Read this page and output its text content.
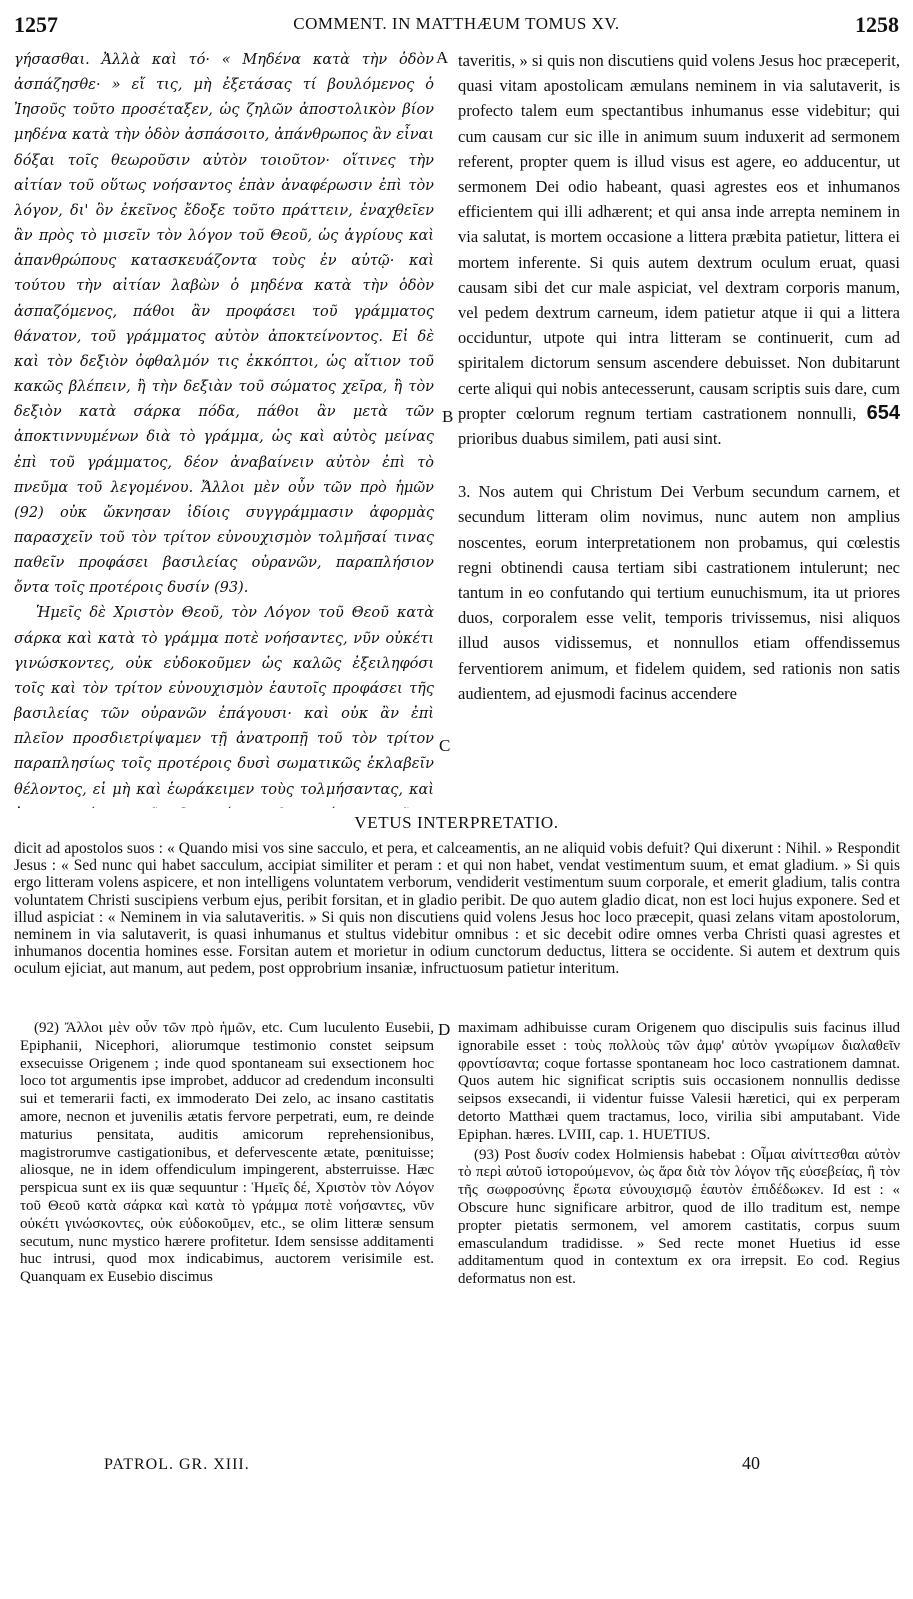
1257	COMMENT. IN MATTHÆUM TOMUS XV.	1258

γήσασθαι. Ἀλλὰ καὶ τό· « Μηδένα κατὰ τὴν ὁδὸν ἀσπάζησθε· » εἴ τις, μὴ ἐξετάσας τί βουλόμενος ὁ Ἰησοῦς τοῦτο προσέταξεν, ὡς ζηλῶν ἀποστολικὸν βίον μηδένα κατὰ τὴν ὁδὸν ἀσπάσοιτο, ἀπάνθρωπος ἂν εἶναι δόξαι τοῖς θεωροῦσιν αὐτὸν τοιοῦτον· οἵτινες τὴν αἰτίαν τοῦ οὕτως νοήσαντος ἐπὰν ἀναφέρωσιν ἐπὶ τὸν λόγον, δι' ὃν ἐκεῖνος ἔδοξε τοῦτο πράττειν, ἐναχθεῖεν ἂν πρὸς τὸ μισεῖν τὸν λόγον τοῦ Θεοῦ, ὡς ἀγρίους καὶ ἀπανθρώπους κατασκευάζοντα τοὺς ἐν αὐτῷ· καὶ τούτου τὴν αἰτίαν λαβὼν ὁ μηδένα κατὰ τὴν ὁδὸν ἀσπαζόμενος, πάθοι ἂν προφάσει τοῦ γράμματος θάνατον, τοῦ γράμματος αὐτὸν ἀποκτείνοντος. Εἰ δὲ καὶ τὸν δεξιὸν ὀφθαλμόν τις ἐκκόπτοι, ὡς αἴτιον τοῦ κακῶς βλέπειν, ἢ τὴν δεξιὰν τοῦ σώματος χεῖρα, ἢ τὸν δεξιὸν κατὰ σάρκα πόδα, πάθοι ἂν μετὰ τῶν ἀποκτιννυμένων διὰ τὸ γράμμα, ὡς καὶ αὐτὸς μείνας ἐπὶ τοῦ γράμματος, δέον ἀναβαίνειν αὐτὸν ἐπὶ τὸ πνεῦμα τοῦ λεγομένου. Ἄλλοι μὲν οὖν τῶν πρὸ ἡμῶν (92) οὐκ ὤκνησαν ἰδίοις συγγράμμασιν ἀφορμὰς παρασχεῖν τοῦ τὸν τρίτον εὐνουχισμὸν τολμῆσαί τινας παθεῖν προφάσει βασιλείας οὐρανῶν, παραπλήσιον ὄντα τοῖς προτέροις δυσίν (93).

Ἡμεῖς δὲ Χριστὸν Θεοῦ, τὸν Λόγον τοῦ Θεοῦ κατὰ σάρκα καὶ κατὰ τὸ γράμμα ποτὲ νοήσαντες, νῦν οὐκέτι γινώσκοντες, οὐκ εὐδοκοῦμεν ὡς καλῶς ἐξειληφόσι τοῖς καὶ τὸν τρίτον εὐνουχισμὸν ἑαυτοῖς προφάσει τῆς βασιλείας τῶν οὐρανῶν ἐπάγουσι· καὶ οὐκ ἂν ἐπὶ πλεῖον προσδιετρίψαμεν τῇ ἀνατροπῇ τοῦ τὸν τρίτον παραπλησίως τοῖς προτέροις δυσὶ σωματικῶς ἐκλαβεῖν θέλοντος, εἰ μὴ καὶ ἑωράκειμεν τοὺς τολμήσαντας, καὶ

A
B
C

taveritis, » si quis non discutiens quid volens Jesus hoc præceperit, quasi vitam apostolicam æmulans neminem in via salutaverit, is profecto talem eum spectantibus inhumanus esse videbitur; qui cum causam cur sic ille in animum suum induxerit ad sermonem referent, propter quem is illud visus est agere, eo adducentur, ut sermonem Dei odio habeant, quasi agrestes eos et inhumanos efficientem qui illi adhærent; et qui ansa inde arrepta neminem in via salutat, is mortem occasione a littera præbita patietur, littera ei mortem inferente. Si quis autem dextrum oculum eruat, quasi causam sibi det cur male aspiciat, vel dextram corporis manum, vel pedem dextrum carneum, idem patietur atque ii qui a littera occiduntur, utpote qui intra litteram se continuerit, cum ad spiritalem dictorum sensum ascendere debuisset. Non dubitarunt certe aliqui qui nobis antecesserunt, causam scriptis suis dare, cum propter cœlorum regnum tertiam castrationem nonnulli, 654 prioribus duabus similem, pati ausi sint.

3. Nos autem qui Christum Dei Verbum secundum carnem, et secundum litteram olim novimus, nunc autem non amplius noscentes, eorum interpretationem non probamus, qui cœlestis regni obtinendi causa tertiam sibi castrationem intulerunt; nec tantum in eo confutando qui tertium eunuchismum, ita ut priores duos, corporalem esse velit, temporis trivissemus, nisi aliquos illud ausos vidissemus, et nonnullos etiam offendissemus ferventiorem animum, et fidelem quidem, sed rationis non satis audientem, ad ejusmodi facinus accendere

VETUS INTERPRETATIO.
dicit ad apostolos suos : « Quando misi vos sine sacculo, et pera, et calceamentis, an ne aliquid vobis defuit? Qui dixerunt : Nihil. » Respondit Jesus : « Sed nunc qui habet sacculum, accipiat similiter et peram : et qui non habet, vendat vestimentum suum, et emat gladium. » Si quis ergo litteram volens aspicere, et non intelligens voluntatem verborum, vendiderit vestimentum suum corporale, et emerit gladium, talis contra voluntatem Christi suscipiens verbum ejus, peribit forsitan, et in gladio peribit. De quo autem gladio dicat, non est loci hujus exponere. Sed et illud aspiciat : « Neminem in via salutaveritis. » Si quis non discutiens quid volens Jesus hoc loco præcepit, quasi zelans vitam apostolorum, neminem in via salutaverit, is quasi inhumanus et stultus videbitur omnibus : et sic decebit odire omnes verba Christi quasi agrestes et inhumanos docentia homines esse. Forsitan autem et morietur in odium cunctorum deductus, littera se occidente. Si autem et dextrum quis oculum ejiciat, aut manum, aut pedem, post opprobrium insaniæ, infructuosum patietur interitum.
D

(92) Ἄλλοι μὲν οὖν τῶν πρὸ ἡμῶν, etc. Cum luculento Eusebii, Epiphanii, Nicephori, aliorumque testimonio constet seipsum exsecuisse Origenem ; inde quod spontaneam sui exsectionem hoc loco tot argumentis ipse improbet, adducor ad credendum inconsulti sui et temerarii facti, ex immoderato Dei zelo, ac insano castitatis amore, necnon et juvenilis ætatis fervore perpetrati, eum, re deinde maturius pensitata, auditis amicorum reprehensionibus, magistrorumve castigationibus, et defervescente ætate, pœnituisse; aliosque, ne in idem offendiculum impingerent, absterruisse. Hæc perspicua sunt ex iis quæ sequuntur : Ἡμεῖς δέ, Χριστὸν τὸν Λόγον τοῦ Θεοῦ κατὰ σάρκα καὶ κατὰ τὸ γράμμα ποτὲ νοήσαντες, νῦν οὐκέτι γινώσκοντες, οὐκ εὐδοκοῦμεν, etc., se olim litteræ sensum secutum, nunc mystico hærere profitetur. Idem sensisse additamenti huc intrusi, quod mox indicabimus, auctorem verisimile est. Quanquam ex Eusebio discimus

maximam adhibuisse curam Origenem quo discipulis suis facinus illud ignorabile esset : τοὺς πολλοὺς τῶν ἀμφ' αὐτὸν γνωρίμων διαλαθεῖν φροντίσαντα; coque fortasse spontaneam hoc loco castrationem damnat. Quos autem hic significat scriptis suis occasionem nonnullis dedisse seipsos exsecandi, ii videntur fuisse Valesii hæretici, qui ex perperam detorto Matthæi quem tractamus, loco, virilia sibi amputabant. Vide Epiphan. hæres. LVIII, cap. 1. HUETIUS.

(93) Post δυσίν codex Holmiensis habebat : Οἶμαι αἰνίττεσθαι αὐτὸν τὸ περὶ αὐτοῦ ἱστορούμενον, ὡς ἄρα διὰ τὸν λόγον τῆς εὐσεβείας, ἢ τὸν τῆς σωφροσύνης ἔρωτα εὐνουχισμῷ ἑαυτὸν ἐπιδέδωκεν. Id est : « Obscure hunc significare arbitror, quod de illo traditum est, nempe propter pietatis sermonem, vel amorem castitatis, corpus suum emasculandum tradidisse. » Sed recte monet Huetius id esse additamentum quod in contextum ex ora irrepsit. Eo cod. Regius deformatus non est.

PATROL. GR. XIII.	40
